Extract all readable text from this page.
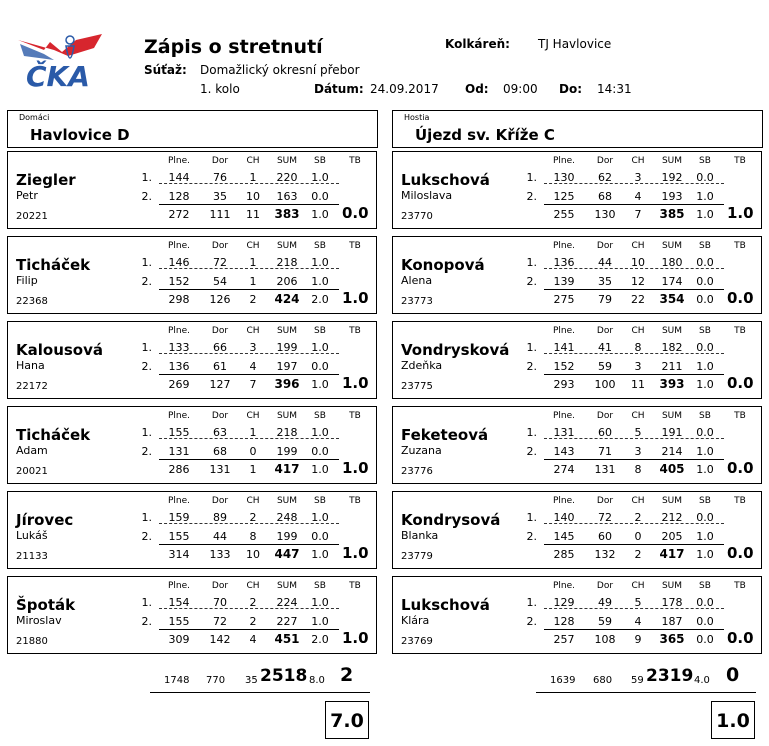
ČKA
Zápis o stretnutí	Kolkáreň: TJ Havlovice
Súťaž: Domažlický okresní přebor
1. kolo	Dátum: 24.09.2017 Od: 09:00 Do: 14:31
Domáci
Havlovice D
Hostia
Újezd sv. Kříže C
Ziegler
Petr
20221
Plne.	Dor	CH	SUM	SB	TB
1.
2.
144	76	1	220	1.0
128	35	10	163	0.0
272	111	11	383	1.0 0.0
Ticháček
Filip
22368
Plne.	Dor	CH	SUM	SB	TB
1.
2.
146	72	1	218	1.0
152	54	1	206	1.0
298	126	2	424	2.0 1.0
Kalousová
Hana
22172
Plne.	Dor	CH	SUM	SB	TB
1.
2.
133	66	3	199	1.0
136	61	4	197	0.0
269	127	7	396	1.0 1.0
Ticháček
Adam
20021
Plne.	Dor	CH	SUM	SB	TB
1.
2.
155	63	1	218	1.0
131	68	0	199	0.0
286	131	1	417	1.0 1.0
Jírovec
Lukáš
21133
Plne.	Dor	CH	SUM	SB	TB
1.
2.
159	89	2	248	1.0
155	44	8	199	0.0
314	133	10	447	1.0 1.0
Špoták
Miroslav
21880
Plne.	Dor	CH	SUM	SB	TB
1.
2.
154	70	2	224	1.0
155	72	2	227	1.0
309	142	4	451	2.0 1.0
Lukschová
Miloslava
23770
Plne.	Dor	CH	SUM	SB	TB
1.
2.
130	62	3	192	0.0
125	68	4	193	1.0
255	130	7	385	1.0 1.0
Konopová
Alena
23773
Plne.	Dor	CH	SUM	SB	TB
1.
2.
136	44	10	180	0.0
139	35	12	174	0.0
275	79	22	354	0.0 0.0
Vondrysková
Zdeňka
23775
Plne.	Dor	CH	SUM	SB	TB
1.
2.
141	41	8	182	0.0
152	59	3	211	1.0
293	100	11	393	1.0 0.0
Feketeová
Zuzana
23776
Plne.	Dor	CH	SUM	SB	TB
1.
2.
131	60	5	191	0.0
143	71	3	214	1.0
274	131	8	405	1.0 0.0
Kondrysová
Blanka
23779
Plne.	Dor	CH	SUM	SB	TB
1.
2.
140	72	2	212	0.0
145	60	0	205	1.0
285	132	2	417	1.0 0.0
Lukschová
Klára
23769
Plne.	Dor	CH	SUM	SB	TB
1.
2.
129	49	5	178	0.0
128	59	4	187	0.0
257	108	9	365	0.0 0.0
1748 770 35 2518 8.0 2
7.0
1639 680 59 2319 4.0 0
1.0
